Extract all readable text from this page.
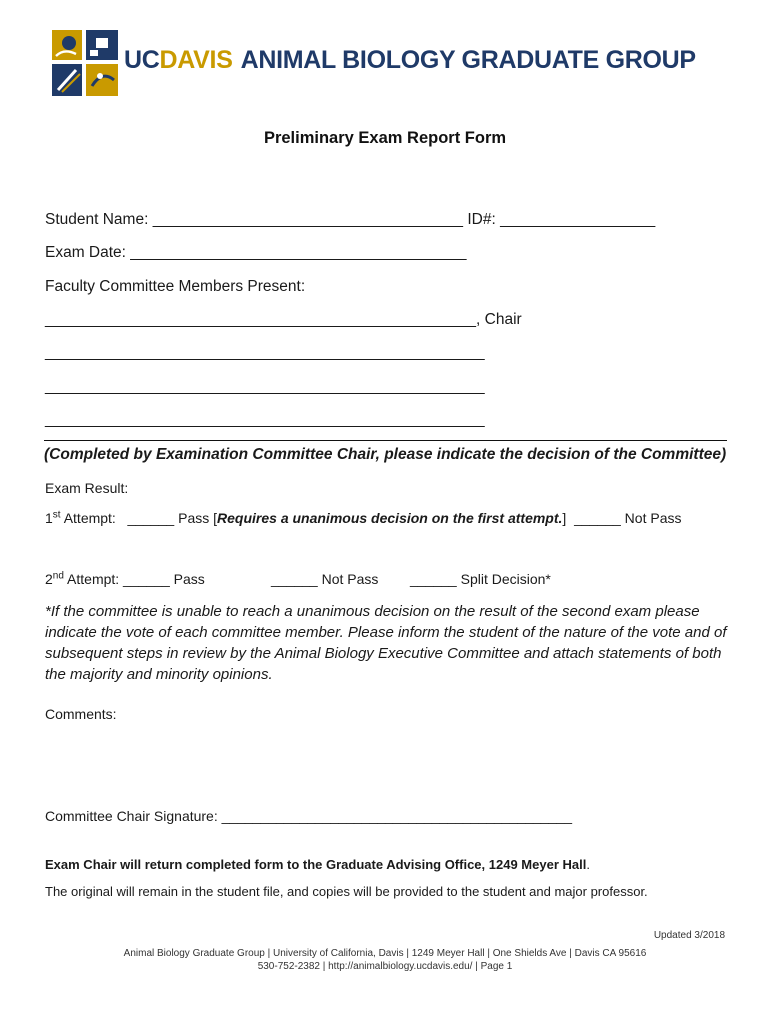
UCDAVIS ANIMAL BIOLOGY GRADUATE GROUP
Preliminary Exam Report Form
Student Name: ____________________________________ ID#: __________________
Exam Date: _______________________________________
Faculty Committee Members Present:
__________________________________________________, Chair
___________________________________________________
___________________________________________________
___________________________________________________
(Completed by Examination Committee Chair, please indicate the decision of the Committee)
Exam Result:
1st Attempt:   ______ Pass [Requires a unanimous decision on the first attempt.]  ______ Not Pass
2nd Attempt: ______ Pass	______ Not Pass ______ Split Decision*
*If the committee is unable to reach a unanimous decision on the result of the second exam please indicate the vote of each committee member. Please inform the student of the nature of the vote and of subsequent steps in review by the Animal Biology Executive Committee and attach statements of both the majority and minority opinions.
Comments:
Committee Chair Signature: _____________________________________________
Exam Chair will return completed form to the Graduate Advising Office, 1249 Meyer Hall.
The original will remain in the student file, and copies will be provided to the student and major professor.
Updated 3/2018
Animal Biology Graduate Group | University of California, Davis | 1249 Meyer Hall | One Shields Ave | Davis CA 95616
530-752-2382 | http://animalbiology.ucdavis.edu/ | Page 1
